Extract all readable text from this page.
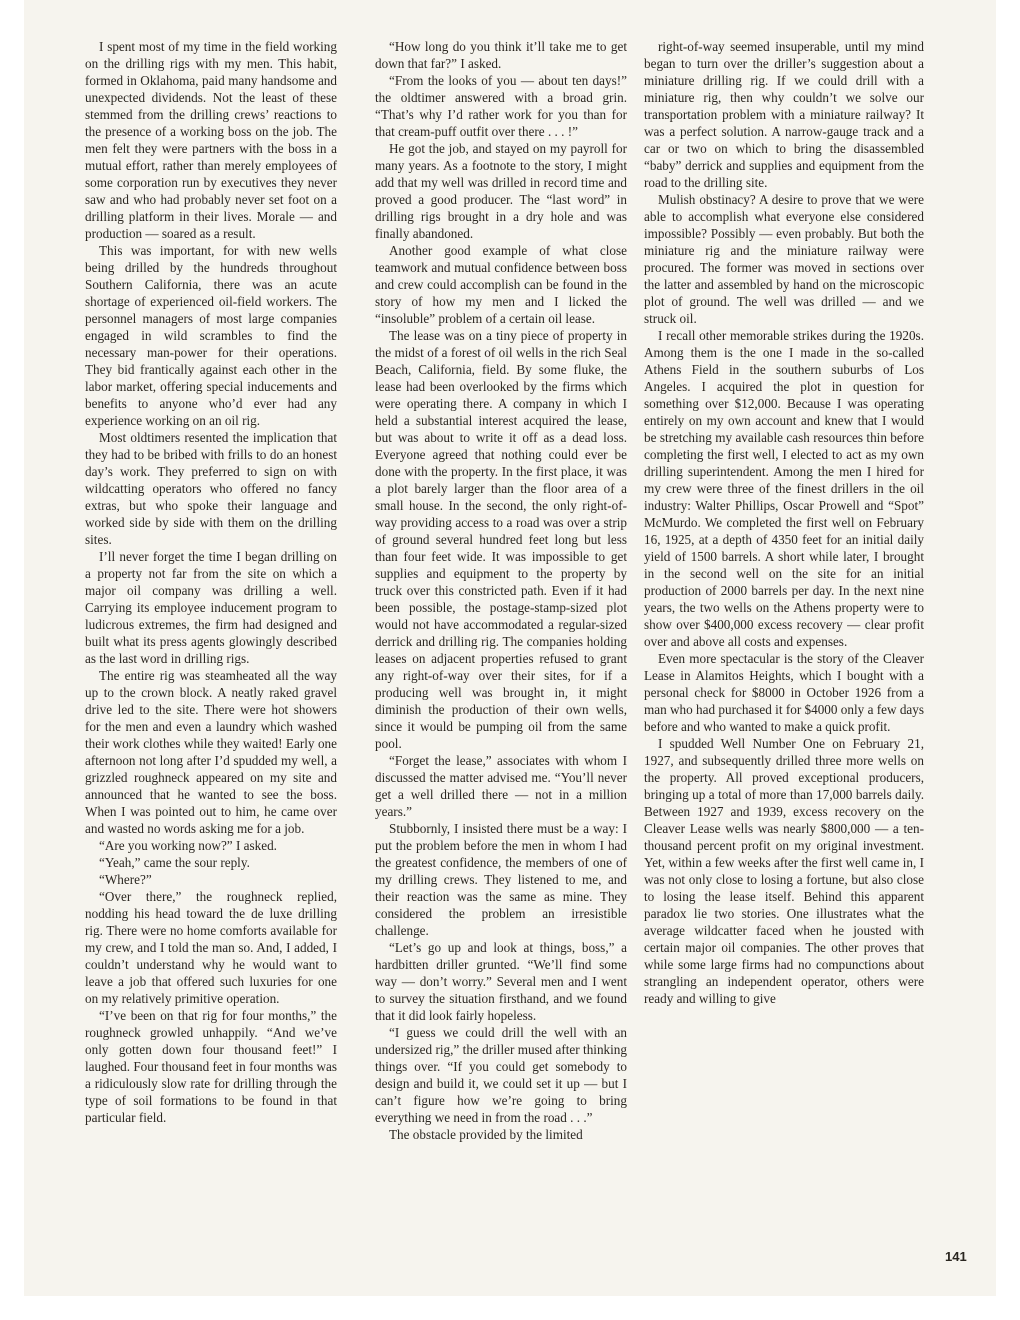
I spent most of my time in the field working on the drilling rigs with my men. This habit, formed in Oklahoma, paid many handsome and unexpected dividends. Not the least of these stemmed from the drilling crews’ reactions to the presence of a working boss on the job. The men felt they were partners with the boss in a mutual effort, rather than merely employees of some corporation run by executives they never saw and who had probably never set foot on a drilling platform in their lives. Morale — and production — soared as a result.

This was important, for with new wells being drilled by the hundreds throughout Southern California, there was an acute shortage of experienced oil-field workers. The personnel managers of most large companies engaged in wild scrambles to find the necessary man-power for their operations. They bid frantically against each other in the labor market, offering special inducements and benefits to anyone who’d ever had any experience working on an oil rig.

Most oldtimers resented the implication that they had to be bribed with frills to do an honest day’s work. They preferred to sign on with wildcatting operators who offered no fancy extras, but who spoke their language and worked side by side with them on the drilling sites.

I’ll never forget the time I began drilling on a property not far from the site on which a major oil company was drilling a well. Carrying its employee inducement program to ludicrous extremes, the firm had designed and built what its press agents glowingly described as the last word in drilling rigs.

The entire rig was steamheated all the way up to the crown block. A neatly raked gravel drive led to the site. There were hot showers for the men and even a laundry which washed their work clothes while they waited! Early one afternoon not long after I’d spudded my well, a grizzled roughneck appeared on my site and announced that he wanted to see the boss. When I was pointed out to him, he came over and wasted no words asking me for a job.

“Are you working now?” I asked.

“Yeah,” came the sour reply.

“Where?”

“Over there,” the roughneck replied, nodding his head toward the de luxe drilling rig. There were no home comforts available for my crew, and I told the man so. And, I added, I couldn’t understand why he would want to leave a job that offered such luxuries for one on my relatively primitive operation.

“I’ve been on that rig for four months,” the roughneck growled unhappily. “And we’ve only gotten down four thousand feet!” I laughed. Four thousand feet in four months was a ridiculously slow rate for drilling through the type of soil formations to be found in that particular field.

“How long do you think it’ll take me to get down that far?” I asked.

“From the looks of you — about ten days!” the oldtimer answered with a broad grin. “That’s why I’d rather work for you than for that cream-puff outfit over there . . . !”

He got the job, and stayed on my payroll for many years. As a footnote to the story, I might add that my well was drilled in record time and proved a good producer. The “last word” in drilling rigs brought in a dry hole and was finally abandoned.

Another good example of what close teamwork and mutual confidence between boss and crew could accomplish can be found in the story of how my men and I licked the “insoluble” problem of a certain oil lease.

The lease was on a tiny piece of property in the midst of a forest of oil wells in the rich Seal Beach, California, field. By some fluke, the lease had been overlooked by the firms which were operating there. A company in which I held a substantial interest acquired the lease, but was about to write it off as a dead loss. Everyone agreed that nothing could ever be done with the property. In the first place, it was a plot barely larger than the floor area of a small house. In the second, the only right-of-way providing access to a road was over a strip of ground several hundred feet long but less than four feet wide. It was impossible to get supplies and equipment to the property by truck over this constricted path. Even if it had been possible, the postage-stamp-sized plot would not have accommodated a regular-sized derrick and drilling rig. The companies holding leases on adjacent properties refused to grant any right-of-way over their sites, for if a producing well was brought in, it might diminish the production of their own wells, since it would be pumping oil from the same pool.

“Forget the lease,” associates with whom I discussed the matter advised me. “You’ll never get a well drilled there — not in a million years.”

Stubbornly, I insisted there must be a way: I put the problem before the men in whom I had the greatest confidence, the members of one of my drilling crews. They listened to me, and their reaction was the same as mine. They considered the problem an irresistible challenge.

“Let’s go up and look at things, boss,” a hardbitten driller grunted. “We’ll find some way — don’t worry.” Several men and I went to survey the situation firsthand, and we found that it did look fairly hopeless.

“I guess we could drill the well with an undersized rig,” the driller mused after thinking things over. “If you could get somebody to design and build it, we could set it up — but I can’t figure how we’re going to bring everything we need in from the road . . .”

The obstacle provided by the limited

right-of-way seemed insuperable, until my mind began to turn over the driller’s suggestion about a miniature drilling rig. If we could drill with a miniature rig, then why couldn’t we solve our transportation problem with a miniature railway? It was a perfect solution. A narrow-gauge track and a car or two on which to bring the disassembled “baby” derrick and supplies and equipment from the road to the drilling site.

Mulish obstinacy? A desire to prove that we were able to accomplish what everyone else considered impossible? Possibly — even probably. But both the miniature rig and the miniature railway were procured. The former was moved in sections over the latter and assembled by hand on the microscopic plot of ground. The well was drilled — and we struck oil.

I recall other memorable strikes during the 1920s. Among them is the one I made in the so-called Athens Field in the southern suburbs of Los Angeles. I acquired the plot in question for something over $12,000. Because I was operating entirely on my own account and knew that I would be stretching my available cash resources thin before completing the first well, I elected to act as my own drilling superintendent. Among the men I hired for my crew were three of the finest drillers in the oil industry: Walter Phillips, Oscar Prowell and “Spot” McMurdo. We completed the first well on February 16, 1925, at a depth of 4350 feet for an initial daily yield of 1500 barrels. A short while later, I brought in the second well on the site for an initial production of 2000 barrels per day. In the next nine years, the two wells on the Athens property were to show over $400,000 excess recovery — clear profit over and above all costs and expenses.

Even more spectacular is the story of the Cleaver Lease in Alamitos Heights, which I bought with a personal check for $8000 in October 1926 from a man who had purchased it for $4000 only a few days before and who wanted to make a quick profit.

I spudded Well Number One on February 21, 1927, and subsequently drilled three more wells on the property. All proved exceptional producers, bringing up a total of more than 17,000 barrels daily. Between 1927 and 1939, excess recovery on the Cleaver Lease wells was nearly $800,000 — a ten-thousand percent profit on my original investment. Yet, within a few weeks after the first well came in, I was not only close to losing a fortune, but also close to losing the lease itself. Behind this apparent paradox lie two stories. One illustrates what the average wildcatter faced when he jousted with certain major oil companies. The other proves that while some large firms had no compunctions about strangling an independent operator, others were ready and willing to give

141
